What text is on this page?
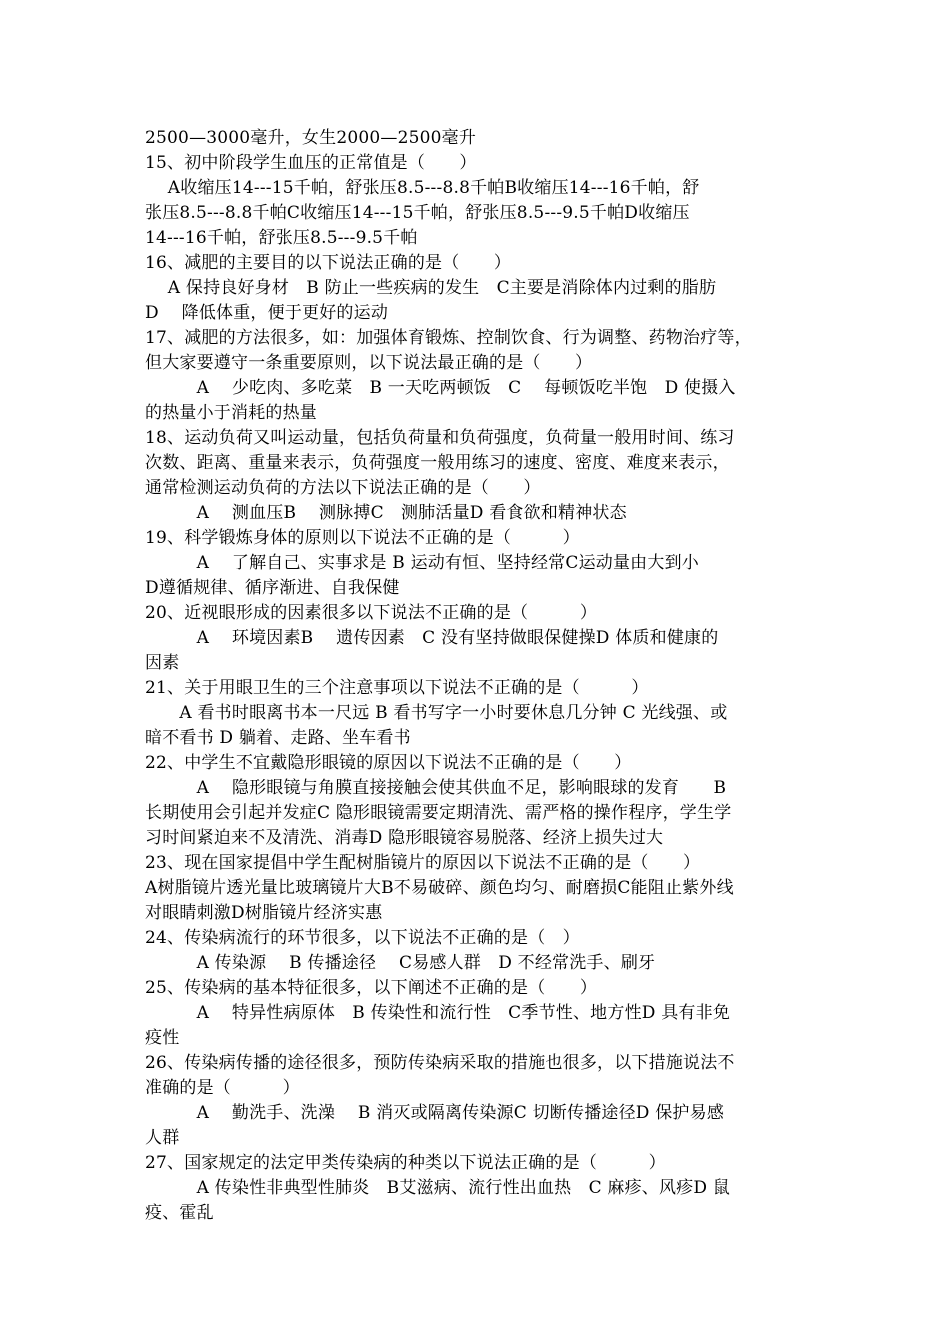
2500—3000毫升，女生2000—2500毫升

15、初中阶段学生血压的正常值是（　　）

　 A收缩压14---15千帕，舒张压8.5---8.8千帕B收缩压14---16千帕，舒

张压8.5---8.8千帕C收缩压14---15千帕，舒张压8.5---9.5千帕D收缩压

14---16千帕，舒张压8.5---9.5千帕

16、减肥的主要目的以下说法正确的是（　　）

　 A 保持良好身材　B 防止一些疾病的发生　C主要是消除体内过剩的脂肪

D　 降低体重，便于更好的运动

17、减肥的方法很多，如：加强体育锻炼、控制饮食、行为调整、药物治疗等，

但大家要遵守一条重要原则，以下说法最正确的是（　　）

　　　A　 少吃肉、多吃菜　B 一天吃两顿饭　C　 每顿饭吃半饱　D 使摄入

的热量小于消耗的热量

18、运动负荷又叫运动量，包括负荷量和负荷强度，负荷量一般用时间、练习

次数、距离、重量来表示，负荷强度一般用练习的速度、密度、难度来表示，

通常检测运动负荷的方法以下说法正确的是（　　）

　　　A　 测血压B　 测脉搏C　测肺活量D 看食欲和精神状态

19、科学锻炼身体的原则以下说法不正确的是（　　　）

　　　A　 了解自己、实事求是 B 运动有恒、坚持经常C运动量由大到小

D遵循规律、循序渐进、自我保健

20、近视眼形成的因素很多以下说法不正确的是（　　　）

　　　A　 环境因素B　 遗传因素　C 没有坚持做眼保健操D 体质和健康的

因素

21、关于用眼卫生的三个注意事项以下说法不正确的是（　　　）

　　A 看书时眼离书本一尺远 B 看书写字一小时要休息几分钟 C 光线强、或

暗不看书 D 躺着、走路、坐车看书

22、中学生不宜戴隐形眼镜的原因以下说法不正确的是（　　）

　　　A　 隐形眼镜与角膜直接接触会使其供血不足，影响眼球的发育　　B

长期使用会引起并发症C 隐形眼镜需要定期清洗、需严格的操作程序，学生学

习时间紧迫来不及清洗、消毒D 隐形眼镜容易脱落、经济上损失过大

23、现在国家提倡中学生配树脂镜片的原因以下说法不正确的是（　　）

A树脂镜片透光量比玻璃镜片大B不易破碎、颜色均匀、耐磨损C能阻止紫外线

对眼睛刺激D树脂镜片经济实惠

24、传染病流行的环节很多，以下说法不正确的是（　）

　　　A 传染源　 B 传播途径　 C易感人群　D 不经常洗手、刷牙

25、传染病的基本特征很多，以下阐述不正确的是（　　）

　　　A　 特异性病原体　B 传染性和流行性　C季节性、地方性D 具有非免

疫性

26、传染病传播的途径很多，预防传染病采取的措施也很多，以下措施说法不

准确的是（　　　）

　　　A　 勤洗手、洗澡　 B 消灭或隔离传染源C 切断传播途径D 保护易感

人群

27、国家规定的法定甲类传染病的种类以下说法正确的是（　　　）

　　　A 传染性非典型性肺炎　B艾滋病、流行性出血热　C 麻疹、风疹D 鼠

疫、霍乱
